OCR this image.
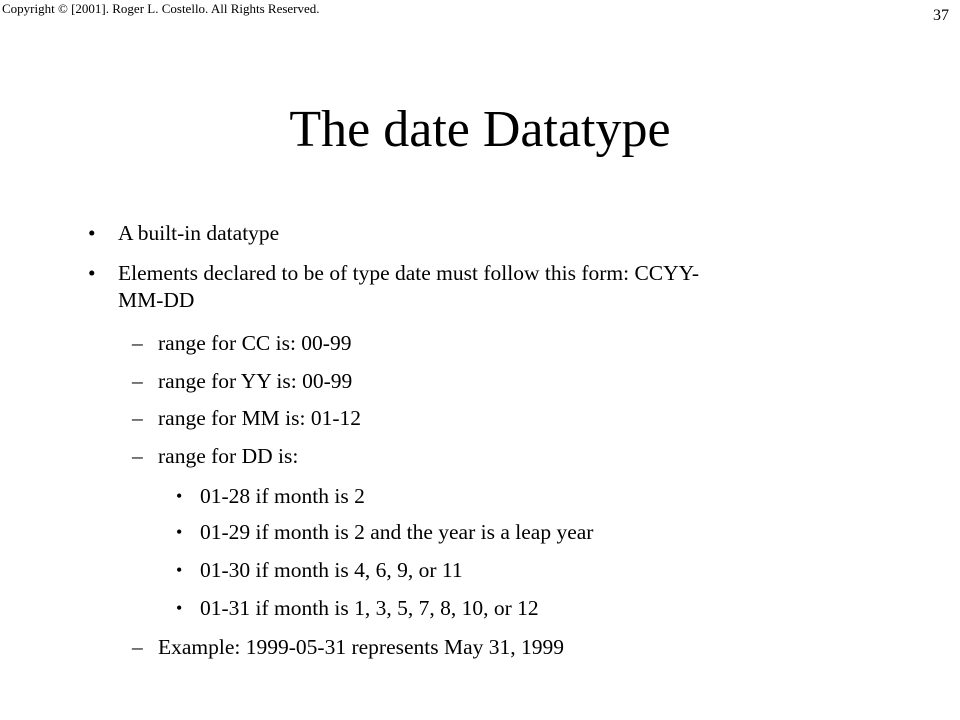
Copyright © [2001]. Roger L. Costello. All Rights Reserved.	37
The date Datatype
• A built-in datatype
• Elements declared to be of type date must follow this form: CCYY-
MM-DD
– range for CC is: 00-99
– range for YY is: 00-99
– range for MM is: 01-12
– range for DD is:
• 01-28 if month is 2
• 01-29 if month is 2 and the year is a leap year
• 01-30 if month is 4, 6, 9, or 11
• 01-31 if month is 1, 3, 5, 7, 8, 10, or 12
– Example: 1999-05-31 represents May 31, 1999
